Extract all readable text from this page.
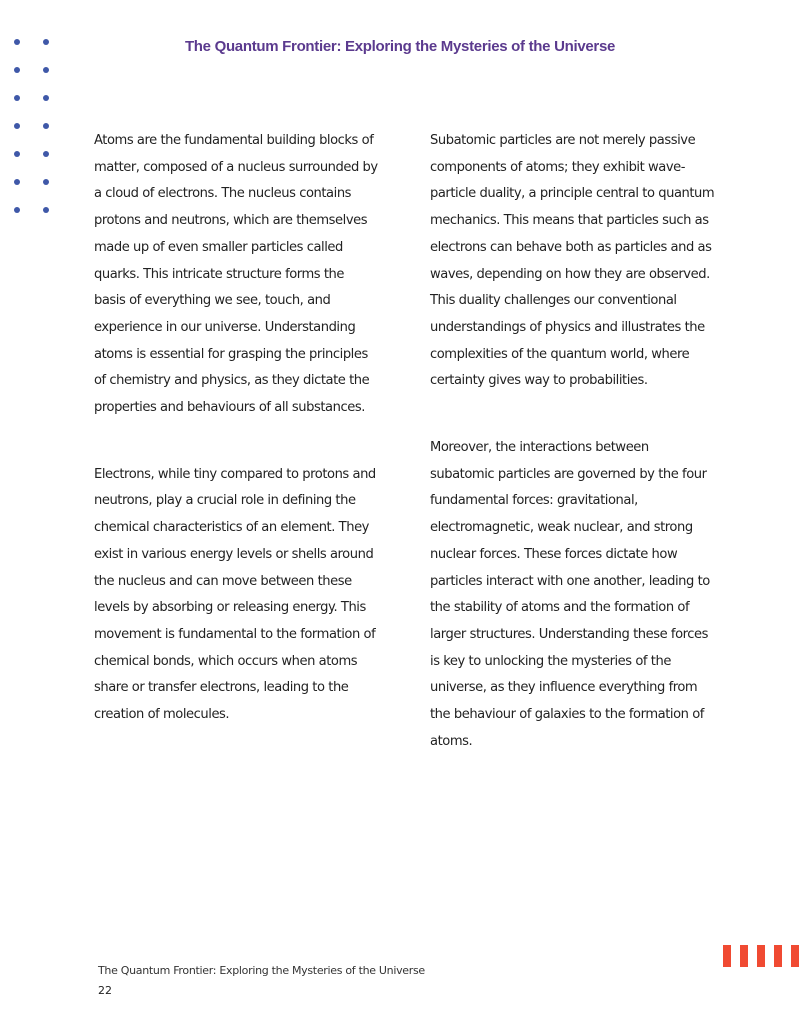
The Quantum Frontier: Exploring the Mysteries of the Universe

Atoms are the fundamental building blocks of matter, composed of a nucleus surrounded by a cloud of electrons. The nucleus contains protons and neutrons, which are themselves made up of even smaller particles called quarks. This intricate structure forms the basis of everything we see, touch, and experience in our universe. Understanding atoms is essential for grasping the principles of chemistry and physics, as they dictate the properties and behaviours of all substances.

Electrons, while tiny compared to protons and neutrons, play a crucial role in defining the chemical characteristics of an element. They exist in various energy levels or shells around the nucleus and can move between these levels by absorbing or releasing energy. This movement is fundamental to the formation of chemical bonds, which occurs when atoms share or transfer electrons, leading to the creation of molecules.

Subatomic particles are not merely passive components of atoms; they exhibit wave-particle duality, a principle central to quantum mechanics. This means that particles such as electrons can behave both as particles and as waves, depending on how they are observed. This duality challenges our conventional understandings of physics and illustrates the complexities of the quantum world, where certainty gives way to probabilities.

Moreover, the interactions between subatomic particles are governed by the four fundamental forces: gravitational, electromagnetic, weak nuclear, and strong nuclear forces. These forces dictate how particles interact with one another, leading to the stability of atoms and the formation of larger structures. Understanding these forces is key to unlocking the mysteries of the universe, as they influence everything from the behaviour of galaxies to the formation of atoms.

The Quantum Frontier: Exploring the Mysteries of the Universe
22
